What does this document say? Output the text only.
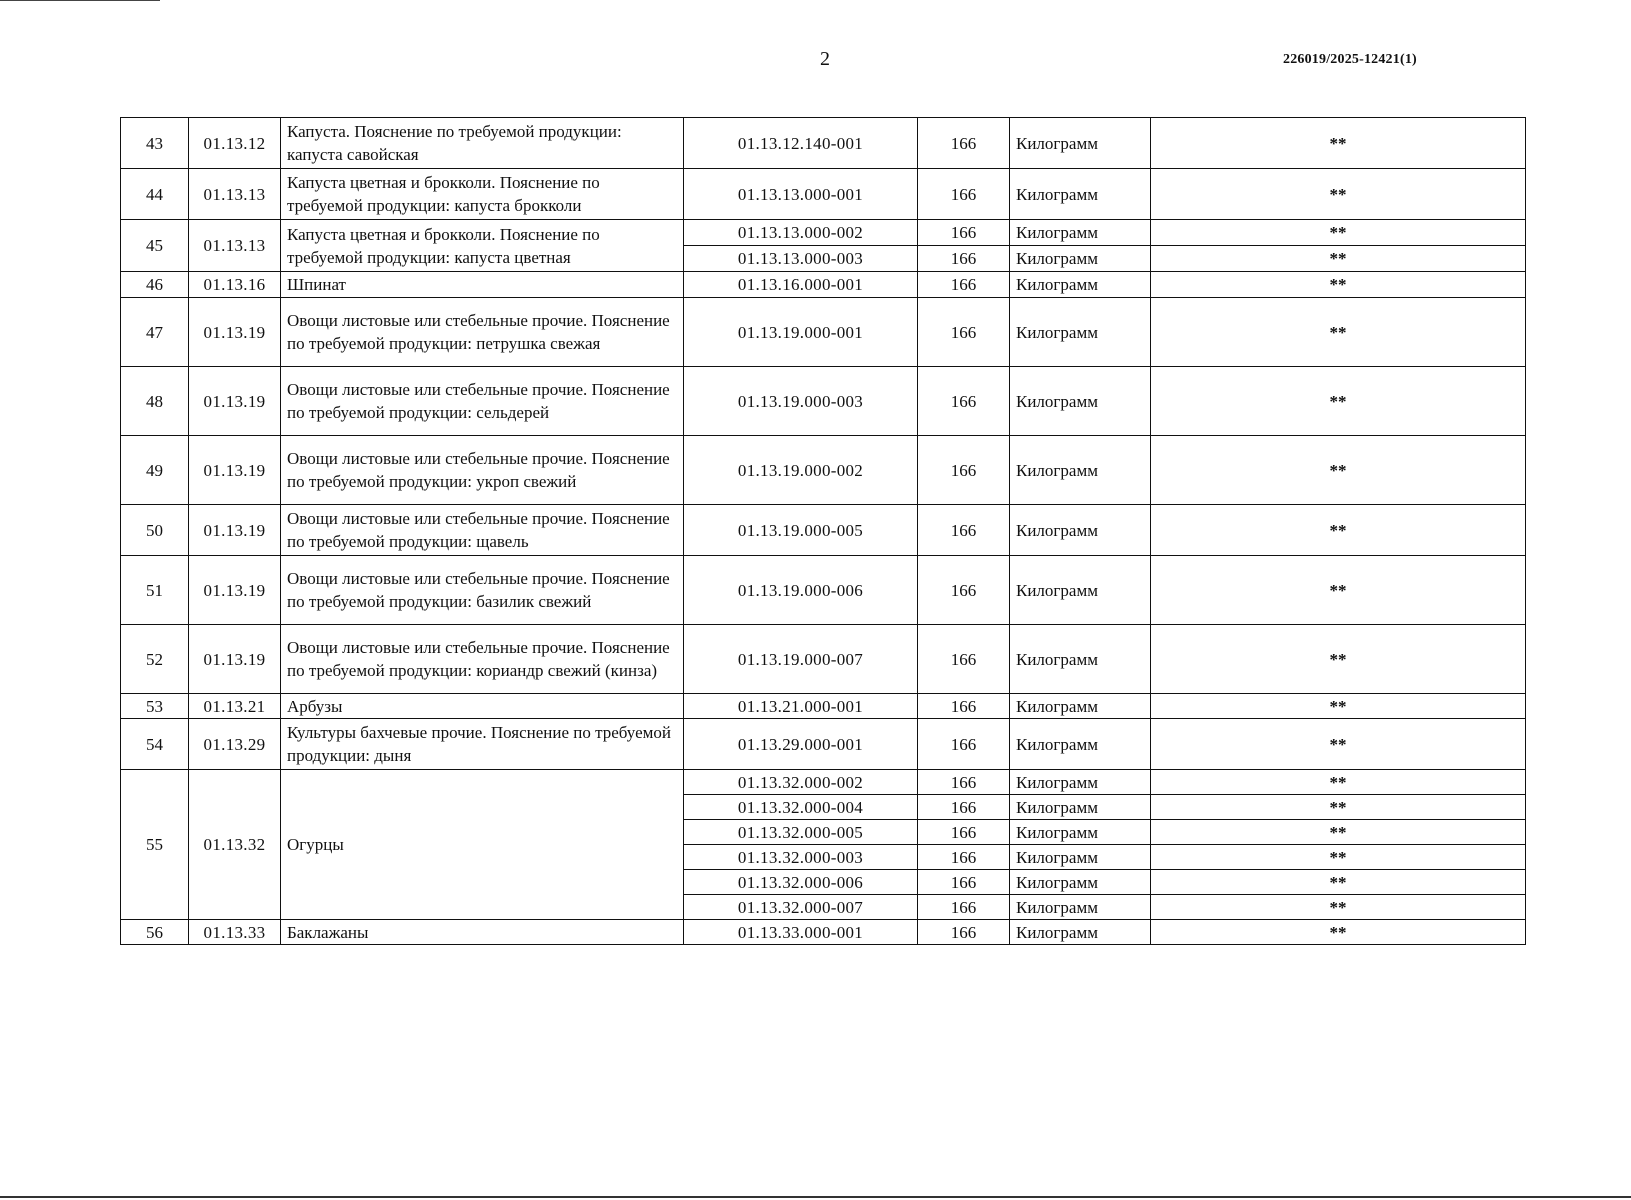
2	226019/2025-12421(1)
43	01.13.12	Капуста. Пояснение по требуемой продукции: капуста савойская	01.13.12.140-001	166	Килограмм	**
44	01.13.13	Капуста цветная и брокколи. Пояснение по требуемой продукции: капуста брокколи	01.13.13.000-001	166	Килограмм	**
45	01.13.13	Капуста цветная и брокколи. Пояснение по требуемой продукции: капуста цветная	01.13.13.000-002	166	Килограмм	**
			01.13.13.000-003	166	Килограмм	**
46	01.13.16	Шпинат	01.13.16.000-001	166	Килограмм	**
47	01.13.19	Овощи листовые или стебельные прочие. Пояснение по требуемой продукции: петрушка свежая	01.13.19.000-001	166	Килограмм	**
48	01.13.19	Овощи листовые или стебельные прочие. Пояснение по требуемой продукции: сельдерей	01.13.19.000-003	166	Килограмм	**
49	01.13.19	Овощи листовые или стебельные прочие. Пояснение по требуемой продукции: укроп свежий	01.13.19.000-002	166	Килограмм	**
50	01.13.19	Овощи листовые или стебельные прочие. Пояснение по требуемой продукции: щавель	01.13.19.000-005	166	Килограмм	**
51	01.13.19	Овощи листовые или стебельные прочие. Пояснение по требуемой продукции: базилик свежий	01.13.19.000-006	166	Килограмм	**
52	01.13.19	Овощи листовые или стебельные прочие. Пояснение по требуемой продукции: кориандр свежий (кинза)	01.13.19.000-007	166	Килограмм	**
53	01.13.21	Арбузы	01.13.21.000-001	166	Килограмм	**
54	01.13.29	Культуры бахчевые прочие. Пояснение по требуемой продукции: дыня	01.13.29.000-001	166	Килограмм	**
55	01.13.32	Огурцы	01.13.32.000-002	166	Килограмм	**
			01.13.32.000-004	166	Килограмм	**
			01.13.32.000-005	166	Килограмм	**
			01.13.32.000-003	166	Килограмм	**
			01.13.32.000-006	166	Килограмм	**
			01.13.32.000-007	166	Килограмм	**
56	01.13.33	Баклажаны	01.13.33.000-001	166	Килограмм	**
